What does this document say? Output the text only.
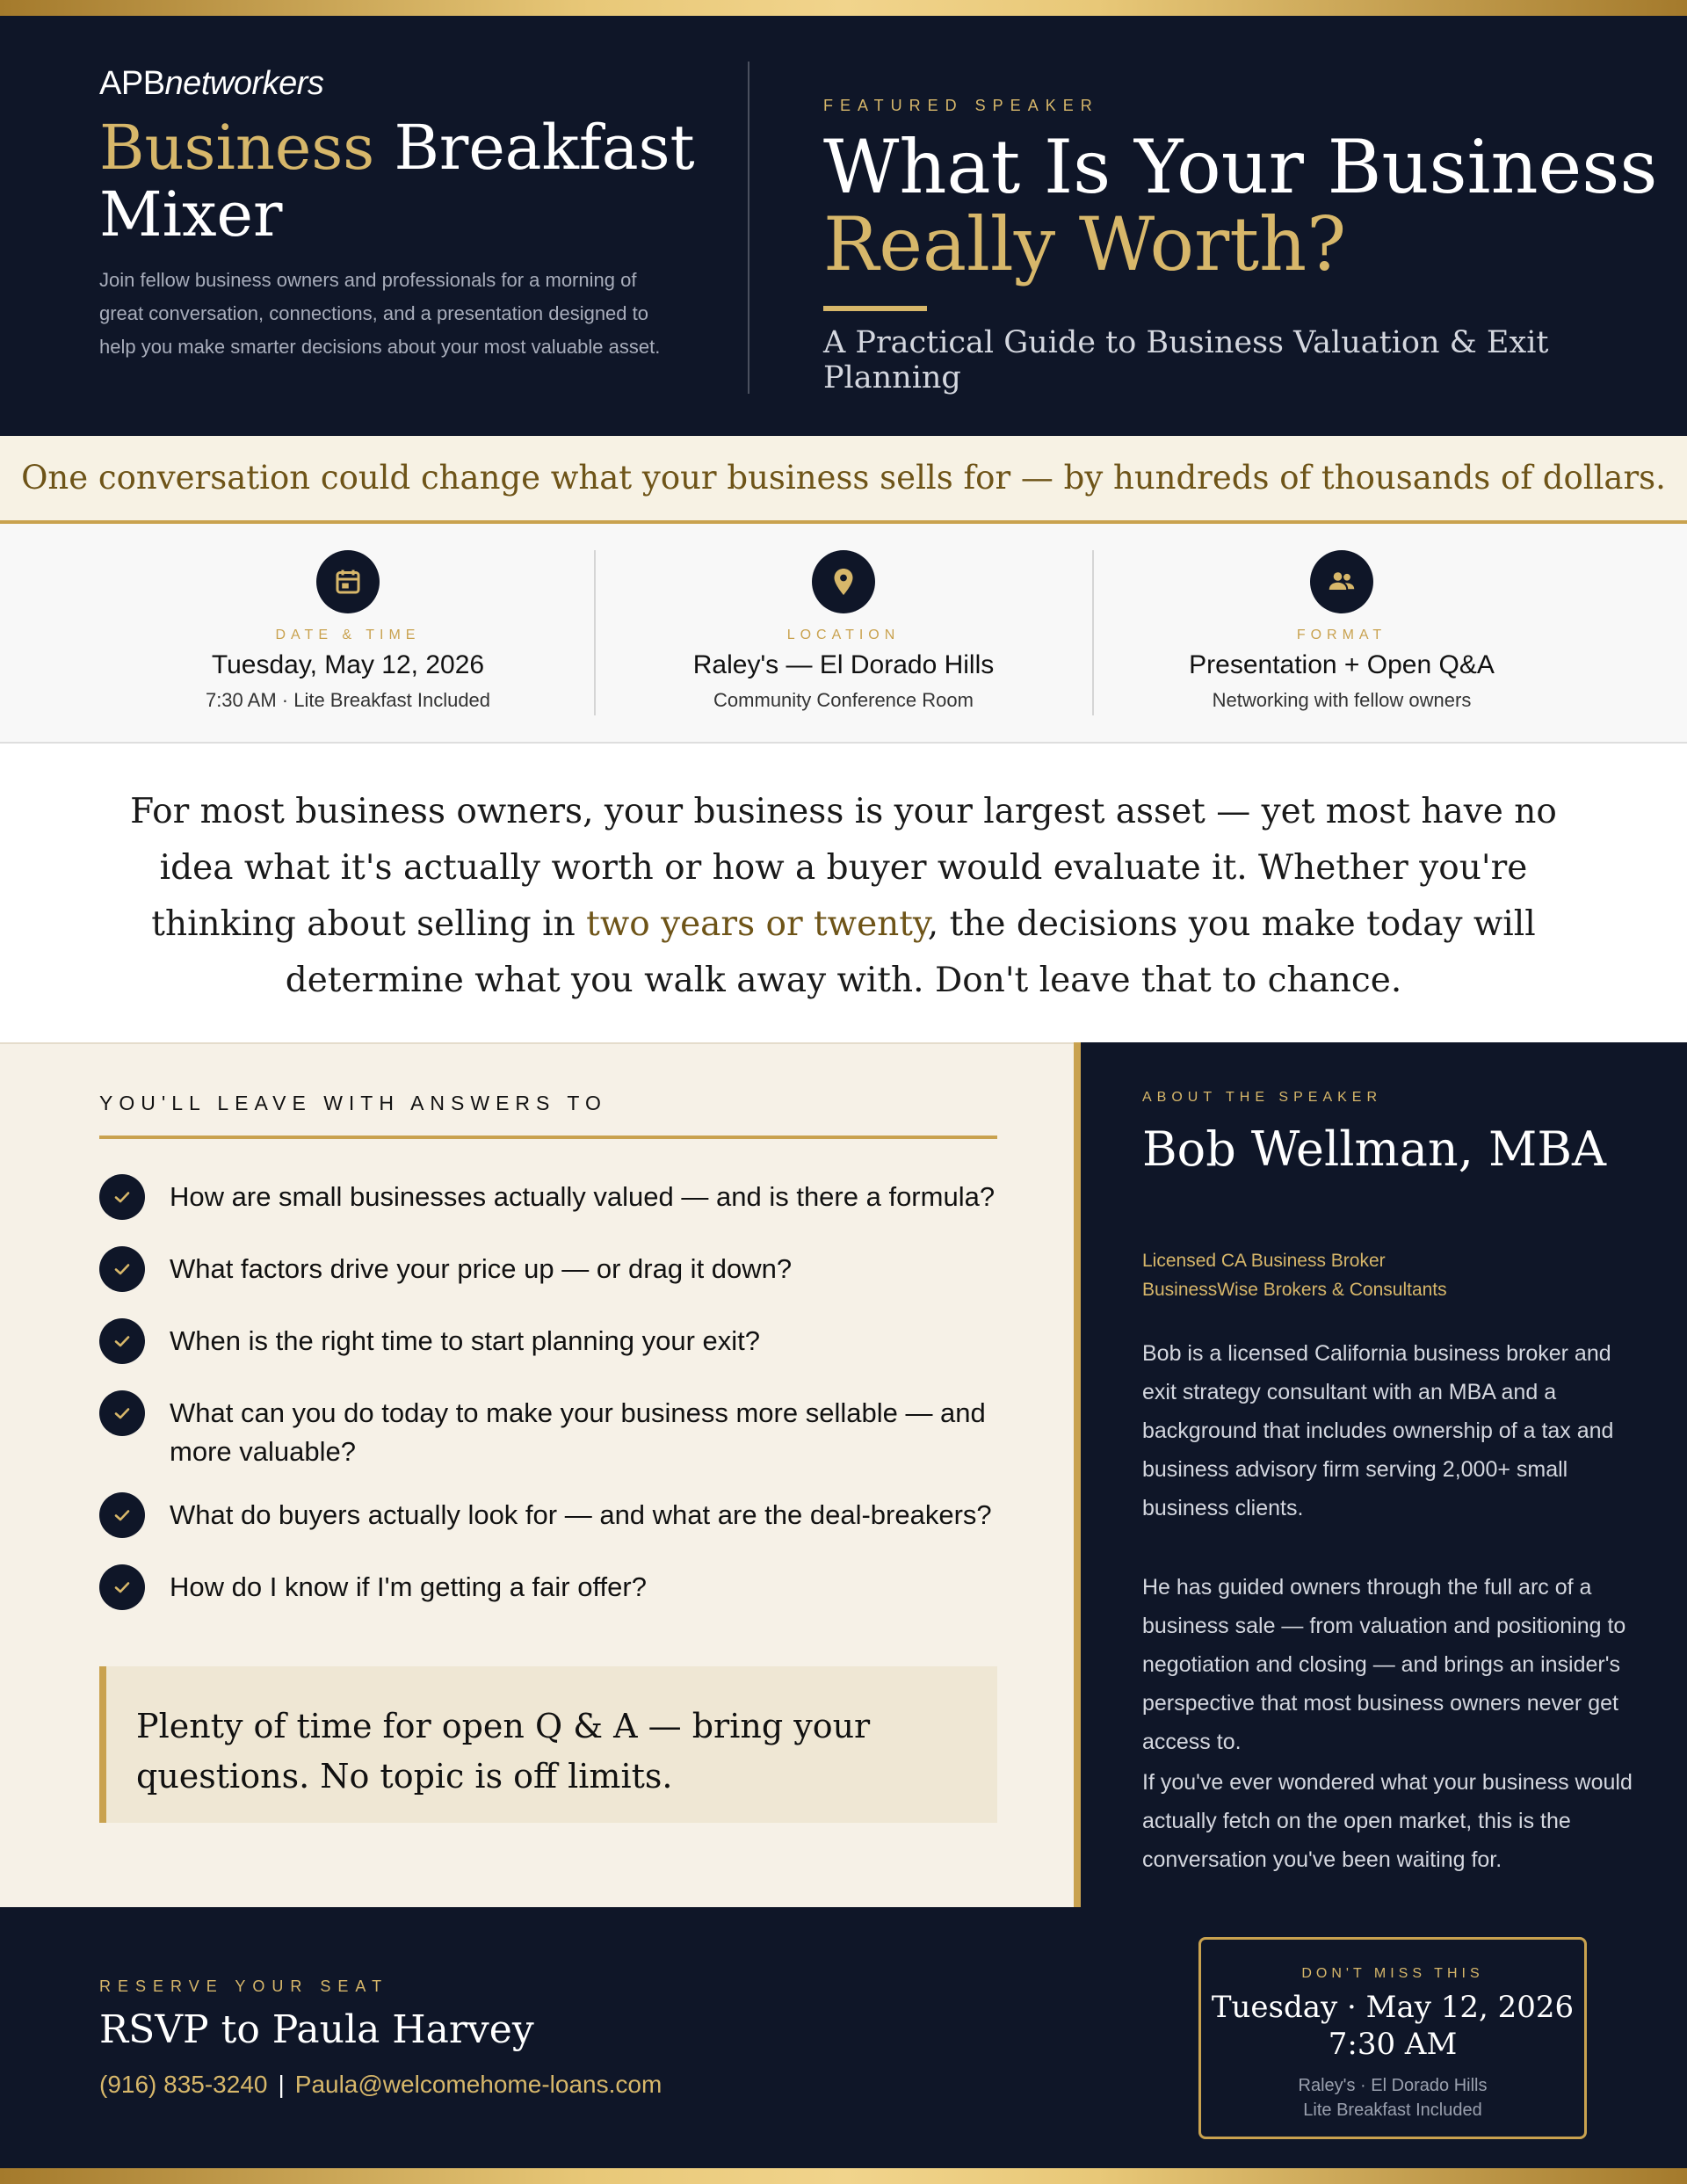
APBnetworkers
Business Breakfast Mixer
Join fellow business owners and professionals for a morning of great conversation, connections, and a presentation designed to help you make smarter decisions about your most valuable asset.
FEATURED SPEAKER
What Is Your Business
Really Worth?
A Practical Guide to Business Valuation & Exit Planning
One conversation could change what your business sells for — by hundreds of thousands of dollars.
DATE & TIME
Tuesday, May 12, 2026
7:30 AM · Lite Breakfast Included
LOCATION
Raley's — El Dorado Hills
Community Conference Room
FORMAT
Presentation + Open Q&A
Networking with fellow owners

For most business owners, your business is your largest asset — yet most have no idea what it's actually worth or how a buyer would evaluate it. Whether you're thinking about selling in two years or twenty, the decisions you make today will determine what you walk away with. Don't leave that to chance.

YOU'LL LEAVE WITH ANSWERS TO
How are small businesses actually valued — and is there a formula?
What factors drive your price up — or drag it down?
When is the right time to start planning your exit?
What can you do today to make your business more sellable — and more valuable?
What do buyers actually look for — and what are the deal-breakers?
How do I know if I'm getting a fair offer?

Plenty of time for open Q & A — bring your questions. No topic is off limits.

ABOUT THE SPEAKER
Bob Wellman, MBA
Licensed CA Business Broker
BusinessWise Brokers & Consultants

Bob is a licensed California business broker and exit strategy consultant with an MBA and a background that includes ownership of a tax and business advisory firm serving 2,000+ small business clients.

He has guided owners through the full arc of a business sale — from valuation and positioning to negotiation and closing — and brings an insider's perspective that most business owners never get access to.

If you've ever wondered what your business would actually fetch on the open market, this is the conversation you've been waiting for.

RESERVE YOUR SEAT
RSVP to Paula Harvey
(916) 835-3240 | Paula@welcomehome-loans.com
DON'T MISS THIS
Tuesday · May 12, 2026
7:30 AM
Raley's · El Dorado Hills
Lite Breakfast Included
